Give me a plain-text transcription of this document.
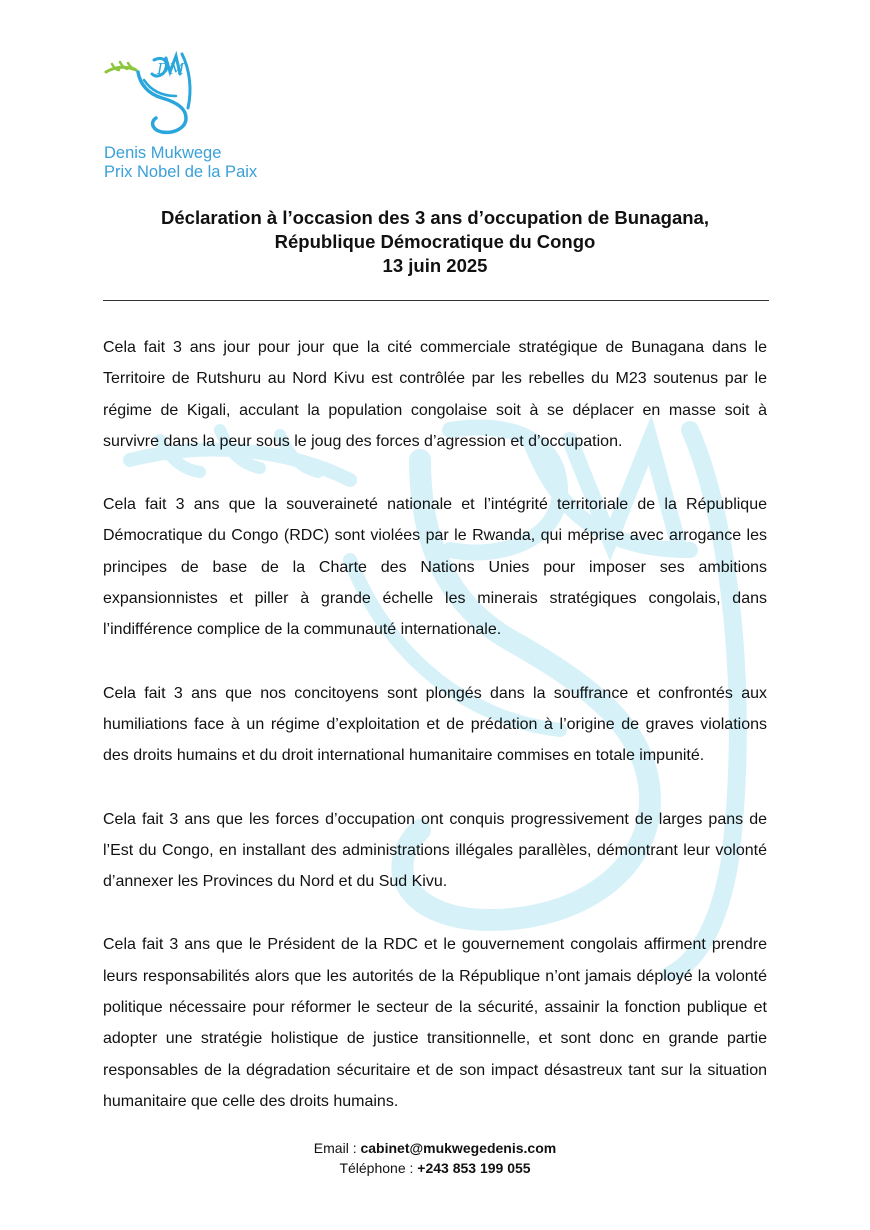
DM
Denis Mukwege
Prix Nobel de la Paix
Déclaration à l’occasion des 3 ans d’occupation de Bunagana,
République Démocratique du Congo
13 juin 2025

Cela fait 3 ans jour pour jour que la cité commerciale stratégique de Bunagana dans le Territoire de Rutshuru au Nord Kivu est contrôlée par les rebelles du M23 soutenus par le régime de Kigali, acculant la population congolaise soit à se déplacer en masse soit à survivre dans la peur sous le joug des forces d’agression et d’occupation.

Cela fait 3 ans que la souveraineté nationale et l’intégrité territoriale de la République Démocratique du Congo (RDC) sont violées par le Rwanda, qui méprise avec arrogance les principes de base de la Charte des Nations Unies pour imposer ses ambitions expansionnistes et piller à grande échelle les minerais stratégiques congolais, dans l’indifférence complice de la communauté internationale.

Cela fait 3 ans que nos concitoyens sont plongés dans la souffrance et confrontés aux humiliations face à un régime d’exploitation et de prédation à l’origine de graves violations des droits humains et du droit international humanitaire commises en totale impunité.

Cela fait 3 ans que les forces d’occupation ont conquis progressivement de larges pans de l’Est du Congo, en installant des administrations illégales parallèles, démontrant leur volonté d’annexer les Provinces du Nord et du Sud Kivu.

Cela fait 3 ans que le Président de la RDC et le gouvernement congolais affirment prendre leurs responsabilités alors que les autorités de la République n’ont jamais déployé la volonté politique nécessaire pour réformer le secteur de la sécurité, assainir la fonction publique et adopter une stratégie holistique de justice transitionnelle, et sont donc en grande partie responsables de la dégradation sécuritaire et de son impact désastreux tant sur la situation humanitaire que celle des droits humains.

Email : cabinet@mukwegedenis.com
Téléphone : +243 853 199 055
